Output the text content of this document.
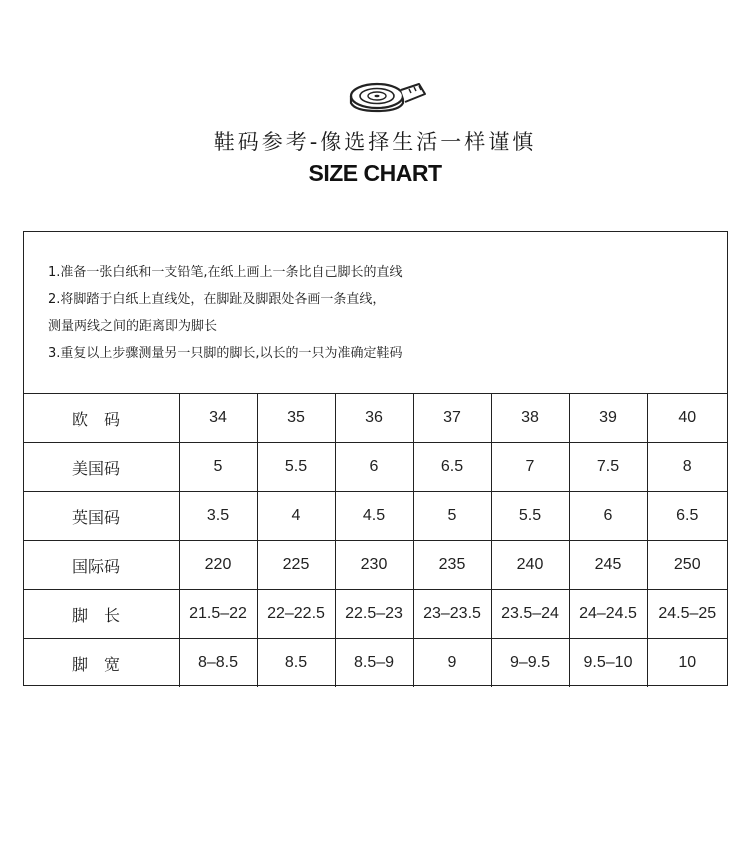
鞋码参考-像选择生活一样谨慎
SIZE CHART
1.准备一张白纸和一支铅笔,在纸上画上一条比自己脚长的直线
2.将脚踏于白纸上直线处，在脚趾及脚跟处各画一条直线，
测量两线之间的距离即为脚长
3.重复以上步骤测量另一只脚的脚长,以长的一只为准确定鞋码
欧　码	34	35	36	37	38	39	40
美国码	5	5.5	6	6.5	7	7.5	8
英国码	3.5	4	4.5	5	5.5	6	6.5
国际码	220	225	230	235	240	245	250
脚　长	21.5–22	22–22.5	22.5–23	23–23.5	23.5–24	24–24.5	24.5–25
脚　宽	8–8.5	8.5	8.5–9	9	9–9.5	9.5–10	10
